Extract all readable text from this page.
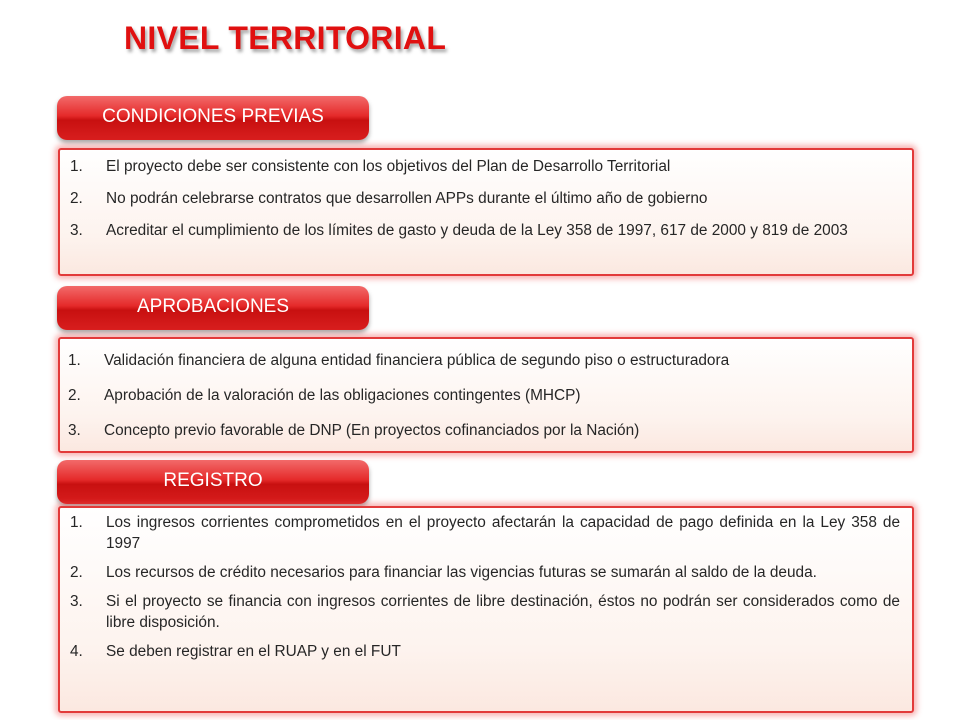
NIVEL TERRITORIAL
CONDICIONES PREVIAS
1. El proyecto debe ser consistente con los objetivos del Plan de Desarrollo Territorial
2. No podrán celebrarse contratos que desarrollen APPs durante el último año de gobierno
3. Acreditar el cumplimiento de los límites de gasto y deuda de la Ley 358 de 1997, 617 de 2000 y 819 de 2003
APROBACIONES
1. Validación financiera de alguna entidad financiera pública de segundo piso o estructuradora
2. Aprobación de la valoración de las obligaciones contingentes (MHCP)
3. Concepto previo favorable de DNP (En proyectos cofinanciados por la Nación)
REGISTRO
1. Los ingresos corrientes comprometidos en el proyecto afectarán la capacidad de pago definida en la Ley 358 de 1997
2. Los recursos de crédito necesarios para financiar las vigencias futuras se sumarán al saldo de la deuda.
3. Si el proyecto se financia con ingresos corrientes de libre destinación, éstos no podrán ser considerados como de libre disposición.
4. Se deben registrar en el RUAP y en el FUT
